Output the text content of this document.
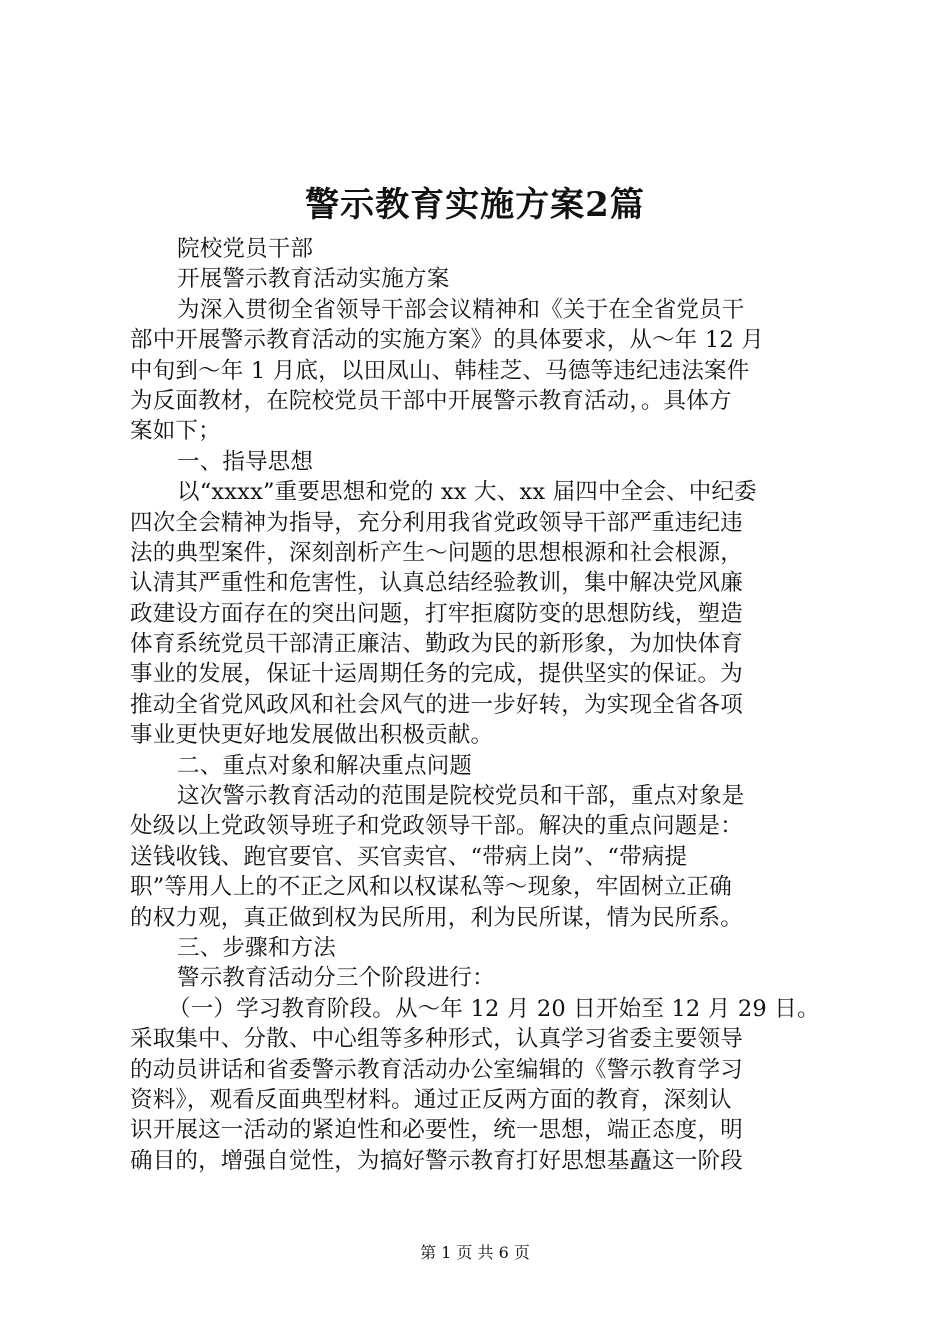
警示教育实施方案2篇
院校党员干部
开展警示教育活动实施方案
为深入贯彻全省领导干部会议精神和《关于在全省党员干
部中开展警示教育活动的实施方案》的具体要求，从～年 12 月
中旬到～年 1 月底，以田凤山、韩桂芝、马德等违纪违法案件
为反面教材，在院校党员干部中开展警示教育活动，。具体方
案如下；
一、指导思想
以“xxxx”重要思想和党的 xx 大、xx 届四中全会、中纪委
四次全会精神为指导，充分利用我省党政领导干部严重违纪违
法的典型案件，深刻剖析产生～问题的思想根源和社会根源，
认清其严重性和危害性，认真总结经验教训，集中解决党风廉
政建设方面存在的突出问题，打牢拒腐防变的思想防线，塑造
体育系统党员干部清正廉洁、勤政为民的新形象，为加快体育
事业的发展，保证十运周期任务的完成，提供坚实的保证。为
推动全省党风政风和社会风气的进一步好转，为实现全省各项
事业更快更好地发展做出积极贡献。
二、重点对象和解决重点问题
这次警示教育活动的范围是院校党员和干部，重点对象是
处级以上党政领导班子和党政领导干部。解决的重点问题是：
送钱收钱、跑官要官、买官卖官、“带病上岗”、“带病提
职”等用人上的不正之风和以权谋私等～现象，牢固树立正确
的权力观，真正做到权为民所用，利为民所谋，情为民所系。
三、步骤和方法
警示教育活动分三个阶段进行：
（一）学习教育阶段。从～年 12 月 20 日开始至 12 月 29 日。
采取集中、分散、中心组等多种形式，认真学习省委主要领导
的动员讲话和省委警示教育活动办公室编辑的《警示教育学习
资料》，观看反面典型材料。通过正反两方面的教育，深刻认
识开展这一活动的紧迫性和必要性，统一思想，端正态度，明
确目的，增强自觉性，为搞好警示教育打好思想基矗这一阶段
第 1 页 共 6 页
